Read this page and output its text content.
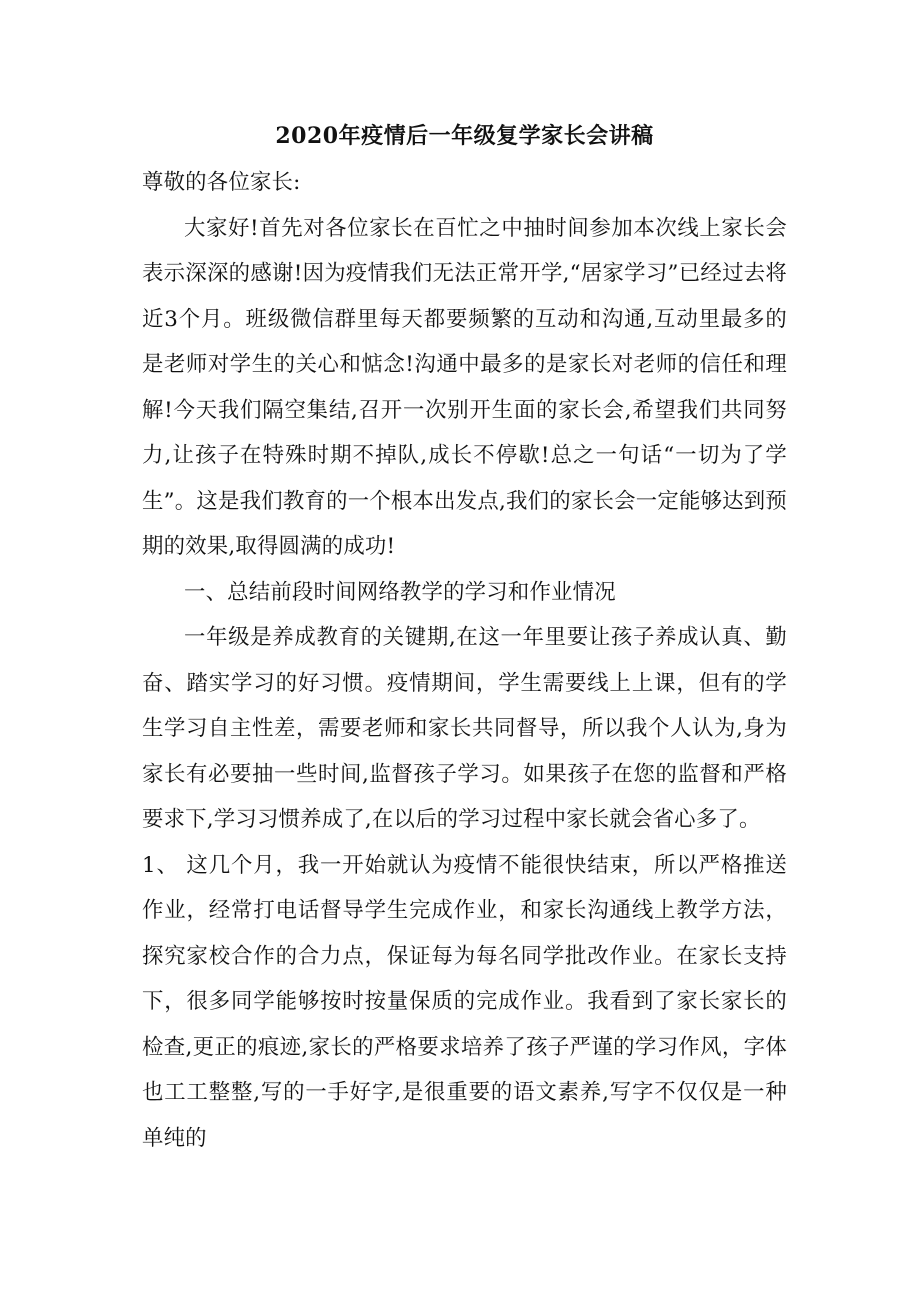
2020年疫情后一年级复学家长会讲稿

尊敬的各位家长:

大家好!首先对各位家长在百忙之中抽时间参加本次线上家长会表示深深的感谢!因为疫情我们无法正常开学,“居家学习”已经过去将近3个月。班级微信群里每天都要频繁的互动和沟通,互动里最多的是老师对学生的关心和惦念!沟通中最多的是家长对老师的信任和理解!今天我们隔空集结,召开一次别开生面的家长会,希望我们共同努力,让孩子在特殊时期不掉队,成长不停歇!总之一句话“一切为了学生”。这是我们教育的一个根本出发点,我们的家长会一定能够达到预期的效果,取得圆满的成功!

一、总结前段时间网络教学的学习和作业情况

一年级是养成教育的关键期,在这一年里要让孩子养成认真、勤奋、踏实学习的好习惯。疫情期间，学生需要线上上课，但有的学生学习自主性差，需要老师和家长共同督导，所以我个人认为,身为家长有必要抽一些时间,监督孩子学习。如果孩子在您的监督和严格要求下,学习习惯养成了,在以后的学习过程中家长就会省心多了。

1、 这几个月，我一开始就认为疫情不能很快结束，所以严格推送作业，经常打电话督导学生完成作业，和家长沟通线上教学方法，探究家校合作的合力点，保证每为每名同学批改作业。在家长支持下，很多同学能够按时按量保质的完成作业。我看到了家长家长的检查,更正的痕迹,家长的严格要求培养了孩子严谨的学习作风，字体也工工整整,写的一手好字,是很重要的语文素养,写字不仅仅是一种单纯的
